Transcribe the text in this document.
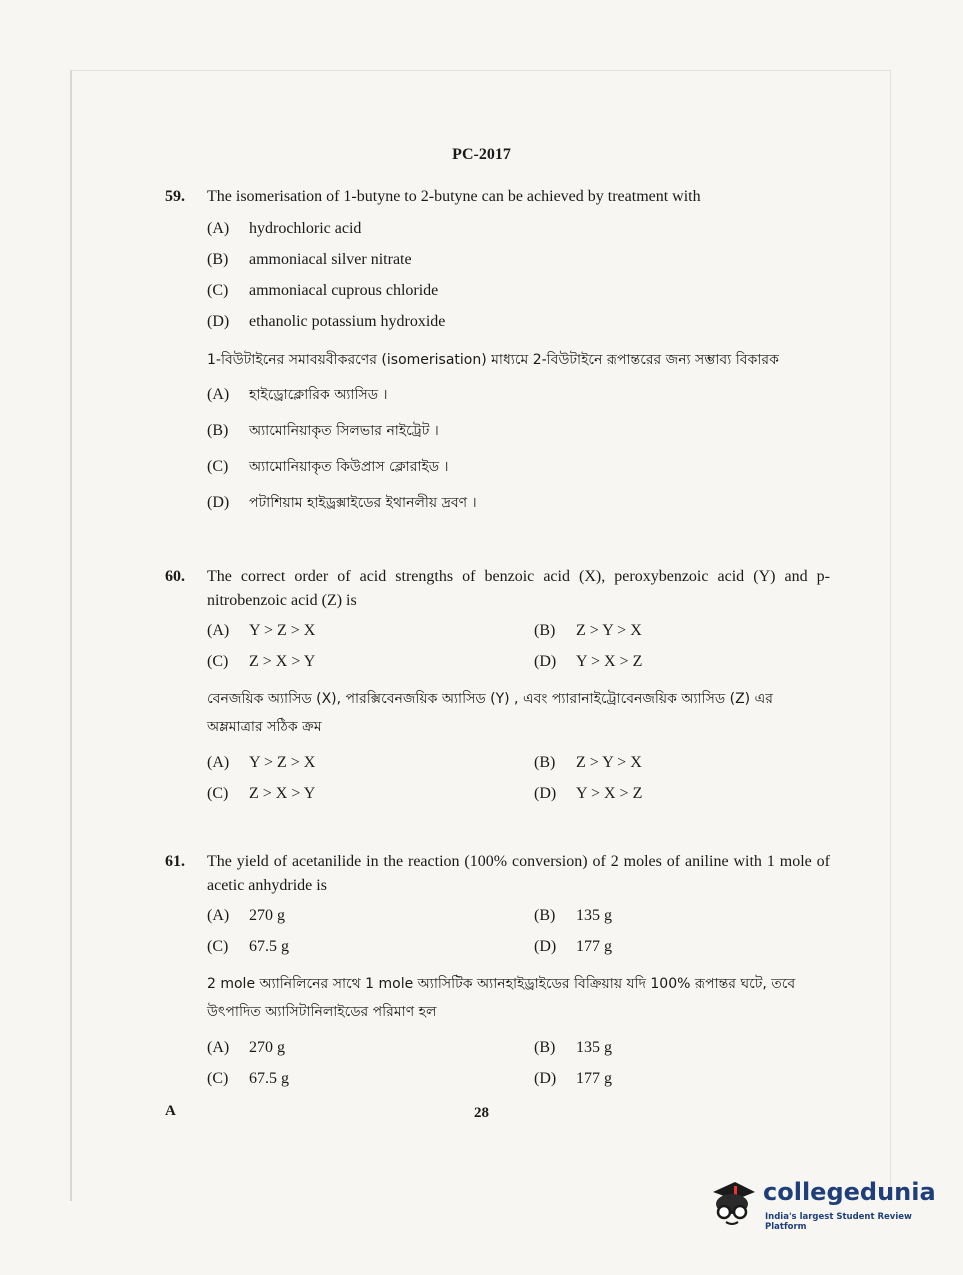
PC-2017
59. The isomerisation of 1-butyne to 2-butyne can be achieved by treatment with
(A) hydrochloric acid
(B) ammoniacal silver nitrate
(C) ammoniacal cuprous chloride
(D) ethanolic potassium hydroxide
1-বিউটাইনের সমাবয়বীকরণের (isomerisation) মাধ্যমে 2-বিউটাইনে রূপান্তরের জন্য সম্ভাব্য বিকারক
(A) হাইড্রোক্লোরিক অ্যাসিড ।
(B) অ্যামোনিয়াকৃত সিলভার নাইট্রেট ।
(C) অ্যামোনিয়াকৃত কিউপ্রাস ক্লোরাইড ।
(D) পটাশিয়াম হাইড্রক্সাইডের ইথানলীয় দ্রবণ ।
60. The correct order of acid strengths of benzoic acid (X), peroxybenzoic acid (Y) and p-nitrobenzoic acid (Z) is
(A) Y > Z > X	(B) Z > Y > X
(C) Z > X > Y	(D) Y > X > Z
বেনজয়িক অ্যাসিড (X), পারক্সিবেনজয়িক অ্যাসিড (Y) , এবং প্যারানাইট্রোবেনজয়িক অ্যাসিড (Z) এর অম্লমাত্রার সঠিক ক্রম
(A) Y > Z > X	(B) Z > Y > X
(C) Z > X > Y	(D) Y > X > Z
61. The yield of acetanilide in the reaction (100% conversion) of 2 moles of aniline with 1 mole of acetic anhydride is
(A) 270 g	(B) 135 g
(C) 67.5 g	(D) 177 g
2 mole অ্যানিলিনের সাথে 1 mole অ্যাসিটিক অ্যানহাইড্রাইডের বিক্রিয়ায় যদি 100% রূপান্তর ঘটে, তবে উৎপাদিত অ্যাসিটানিলাইডের পরিমাণ হল
(A) 270 g	(B) 135 g
(C) 67.5 g	(D) 177 g
A	28
collegedunia
India's largest Student Review Platform
